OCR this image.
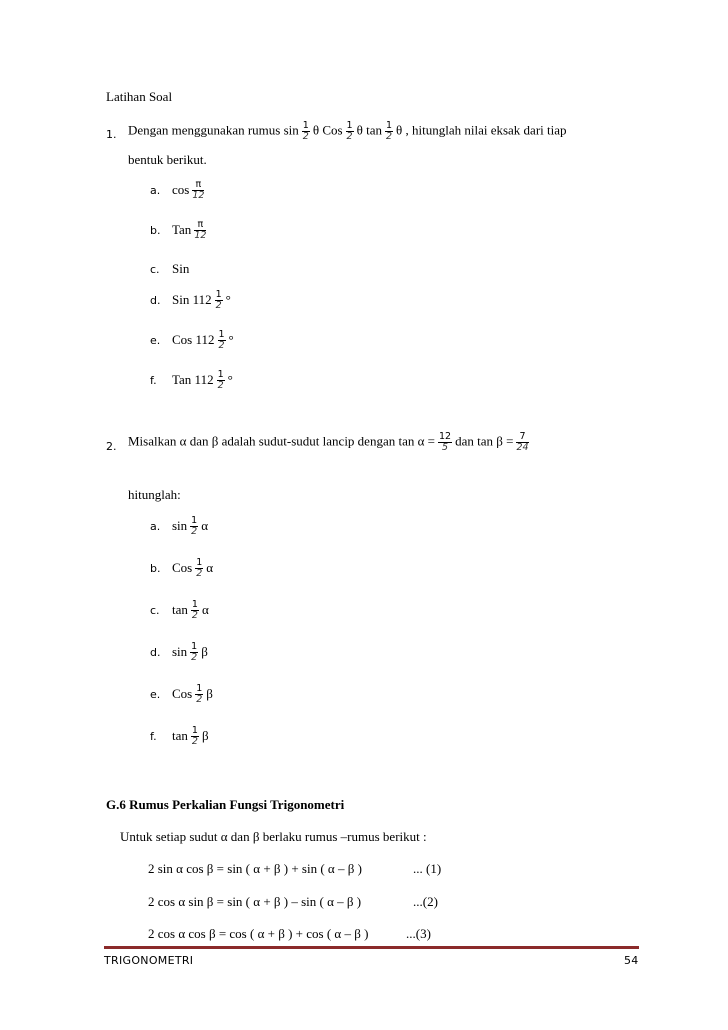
Latihan Soal
1. Dengan menggunakan rumus $\sin \frac{1}{2}$ θ Cos $\frac{1}{2}$ θ $\tan \frac{1}{2}$ θ , hitunglah nilai eksak dari tiap
bentuk berikut.
a. $\cos \frac{\pi}{12}$
b. Tan $\frac{\pi}{12}$
c. Sin
d. Sin $112 \frac{1}{2}$ °
e. Cos $112 \frac{1}{2}$ °
f. Tan $112 \frac{1}{2}$ °
2. Misalkan α dan β adalah sudut-sudut lancip dengan $\tan \alpha = \frac{12}{5}$ dan $\tan \beta = \frac{7}{24}$
hitunglah:
a. $\sin \frac{1}{2}$ α
b. Cos $\frac{1}{2}$ α
c. $\tan \frac{1}{2}$ α
d. $\sin \frac{1}{2}$ β
e. Cos $\frac{1}{2}$ β
f. $\tan \frac{1}{2}$ β
G.6 Rumus Perkalian Fungsi Trigonometri
Untuk setiap sudut α dan β berlaku rumus –rumus berikut :
2 sin α cos β = sin ( α + β ) + sin ( α – β )	... (1)
2 cos α sin β = sin ( α + β ) – sin ( α – β )	...(2)
2 cos α cos β = cos ( α + β ) + cos ( α – β )	...(3)
TRIGONOMETRI	54
